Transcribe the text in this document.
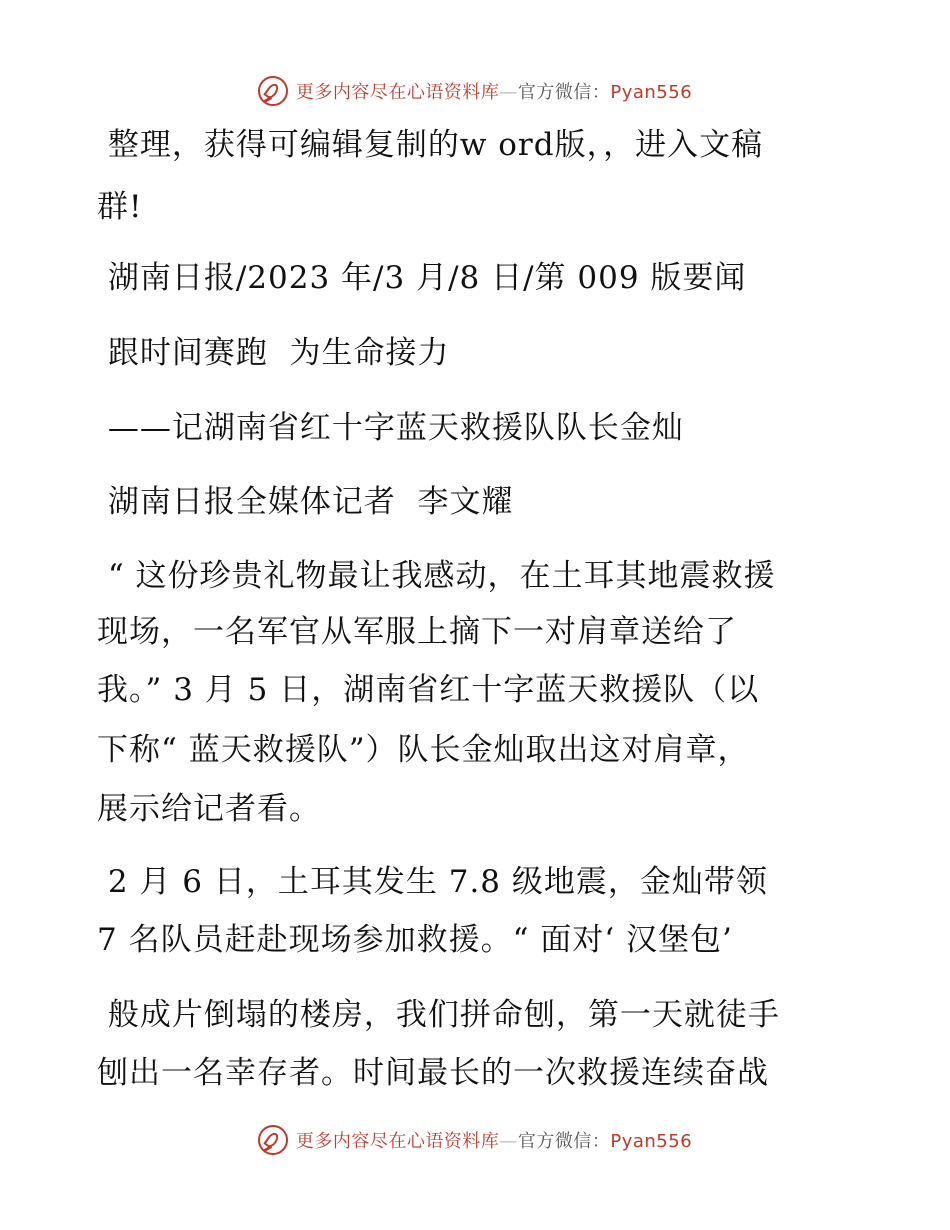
更多内容尽在心语资料库—官方微信：Pyan556
整理，获得可编辑复制的w ord版，，进入文稿
群!
湖南日报/2023 年/3 月/8 日/第 009 版要闻
跟时间赛跑  为生命接力
——记湖南省红十字蓝天救援队队长金灿
湖南日报全媒体记者  李文耀
“ 这份珍贵礼物最让我感动，在土耳其地震救援
现场，一名军官从军服上摘下一对肩章送给了
我。” 3 月 5 日，湖南省红十字蓝天救援队（以
下称“ 蓝天救援队”）队长金灿取出这对肩章，
展示给记者看。
2 月 6 日，土耳其发生 7.8 级地震，金灿带领
7 名队员赶赴现场参加救援。“ 面对‘ 汉堡包’
般成片倒塌的楼房，我们拼命刨，第一天就徒手
刨出一名幸存者。时间最长的一次救援连续奋战
更多内容尽在心语资料库—官方微信：Pyan556
